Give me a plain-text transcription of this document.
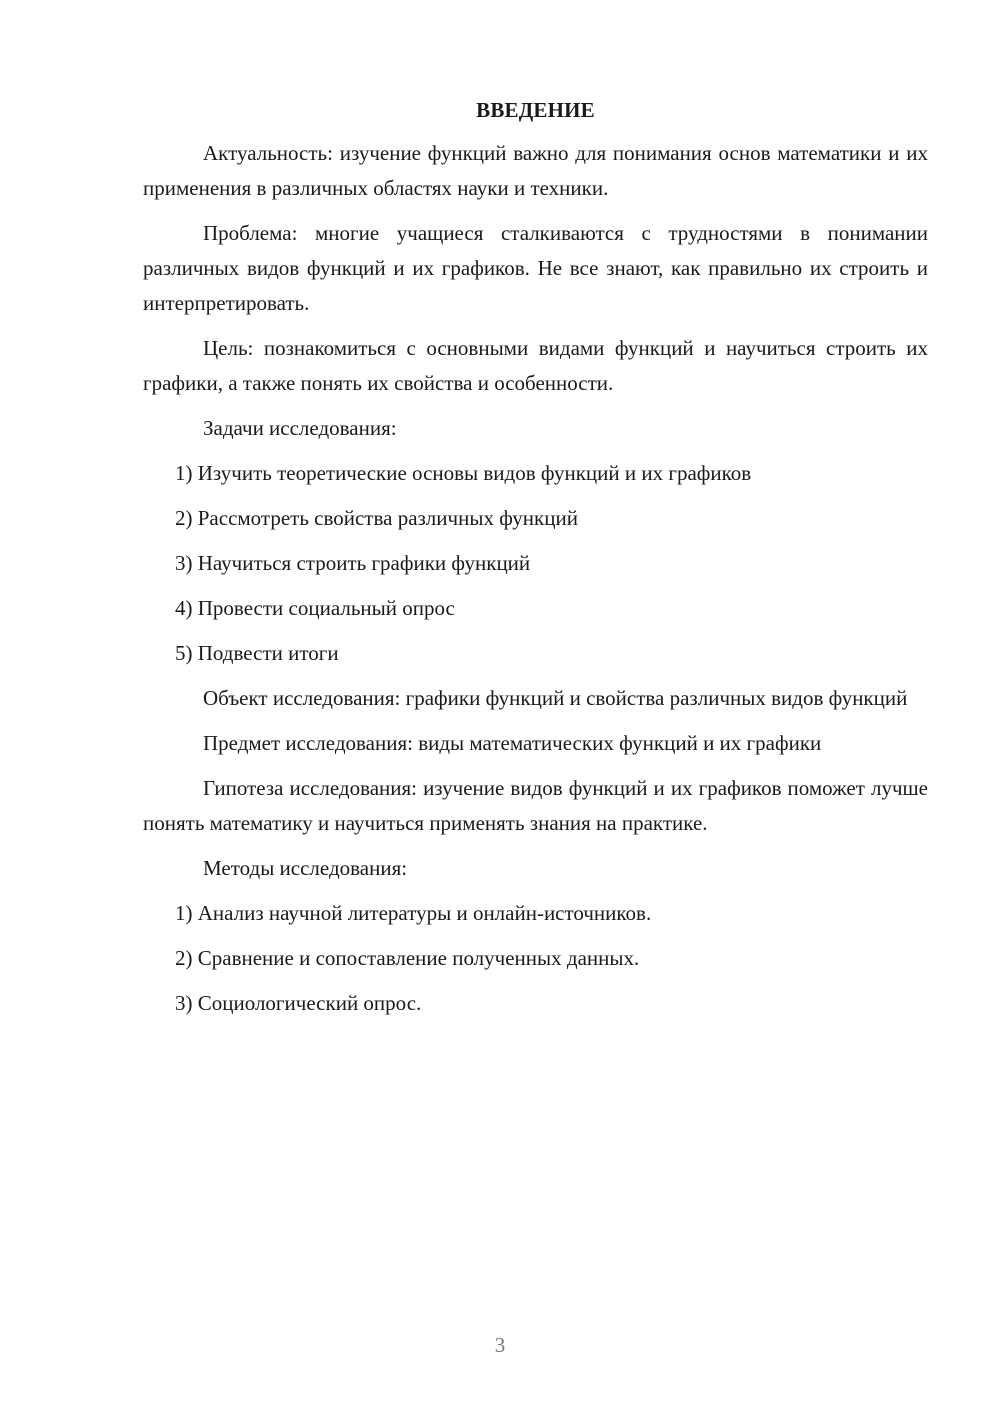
ВВЕДЕНИЕ

Актуальность: изучение функций важно для понимания основ математики и их применения в различных областях науки и техники.

Проблема: многие учащиеся сталкиваются с трудностями в понимании различных видов функций и их графиков. Не все знают, как правильно их строить и интерпретировать.

Цель: познакомиться с основными видами функций и научиться строить их графики, а также понять их свойства и особенности.

Задачи исследования:

1) Изучить теоретические основы видов функций и их графиков

2) Рассмотреть свойства различных функций

3) Научиться строить графики функций

4) Провести социальный опрос

5) Подвести итоги

Объект исследования: графики функций и свойства различных видов функций

Предмет исследования: виды математических функций и их графики

Гипотеза исследования: изучение видов функций и их графиков поможет лучше понять математику и научиться применять знания на практике.

Методы исследования:

1) Анализ научной литературы и онлайн-источников.

2) Сравнение и сопоставление полученных данных.

3) Социологический опрос.

3
